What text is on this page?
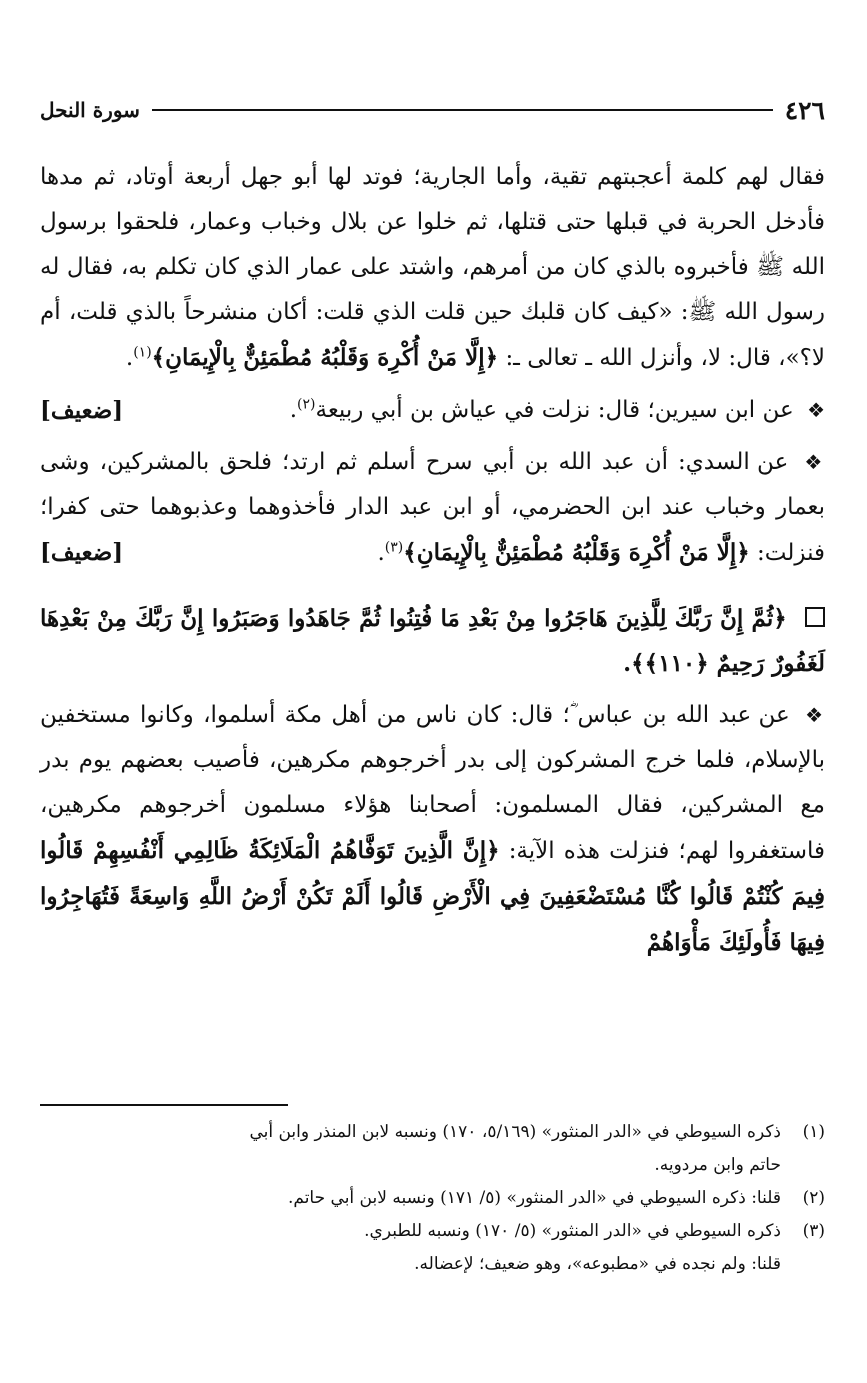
٤٢٦
سورة النحل

فقال لهم كلمة أعجبتهم تقية، وأما الجارية؛ فوتد لها أبو جهل أربعة أوتاد، ثم مدها فأدخل الحربة في قبلها حتى قتلها، ثم خلوا عن بلال وخباب وعمار، فلحقوا برسول الله ﷺ فأخبروه بالذي كان من أمرهم، واشتد على عمار الذي كان تكلم به، فقال له رسول الله ﷺ: «كيف كان قلبك حين قلت الذي قلت: أكان منشرحاً بالذي قلت، أم لا؟»، قال: لا، وأنزل الله ـ تعالى ـ: ﴿إِلَّا مَنْ أُكْرِهَ وَقَلْبُهُ مُطْمَئِنٌّ بِالْإِيمَانِ﴾$^{(١)}$.

❖ عن ابن سيرين؛ قال: نزلت في عياش بن أبي ربيعة$^{(٢)}$.
[ضعيف]

❖ عن السدي: أن عبد الله بن أبي سرح أسلم ثم ارتد؛ فلحق بالمشركين، وشى بعمار وخباب عند ابن الحضرمي، أو ابن عبد الدار فأخذوهما وعذبوهما حتى كفرا؛ فنزلت: ﴿إِلَّا مَنْ أُكْرِهَ وَقَلْبُهُ مُطْمَئِنٌّ بِالْإِيمَانِ﴾$^{(٣)}$.
[ضعيف]

﴿ثُمَّ إِنَّ رَبَّكَ لِلَّذِينَ هَاجَرُوا مِنْ بَعْدِ مَا فُتِنُوا ثُمَّ جَاهَدُوا وَصَبَرُوا إِنَّ رَبَّكَ مِنْ بَعْدِهَا لَغَفُورٌ رَحِيمٌ ﴿١١٠﴾﴾.

❖ عن عبد الله بن عباس ؓ؛ قال: كان ناس من أهل مكة أسلموا، وكانوا مستخفين بالإسلام، فلما خرج المشركون إلى بدر أخرجوهم مكرهين، فأصيب بعضهم يوم بدر مع المشركين، فقال المسلمون: أصحابنا هؤلاء مسلمون أخرجوهم مكرهين، فاستغفروا لهم؛ فنزلت هذه الآية: ﴿إِنَّ الَّذِينَ تَوَفَّاهُمُ الْمَلَائِكَةُ ظَالِمِي أَنْفُسِهِمْ قَالُوا فِيمَ كُنْتُمْ قَالُوا كُنَّا مُسْتَضْعَفِينَ فِي الْأَرْضِ قَالُوا أَلَمْ تَكُنْ أَرْضُ اللَّهِ وَاسِعَةً فَتُهَاجِرُوا فِيهَا فَأُولَئِكَ مَأْوَاهُمْ

(١)
ذكره السيوطي في «الدر المنثور» (٥/١٦٩، ١٧٠) ونسبه لابن المنذر وابن أبي
حاتم وابن مردويه.
(٢)
قلنا: ذكره السيوطي في «الدر المنثور» (٥/ ١٧١) ونسبه لابن أبي حاتم.
(٣)
ذكره السيوطي في «الدر المنثور» (٥/ ١٧٠) ونسبه للطبري.
قلنا: ولم نجده في «مطبوعه»، وهو ضعيف؛ لإعضاله.
